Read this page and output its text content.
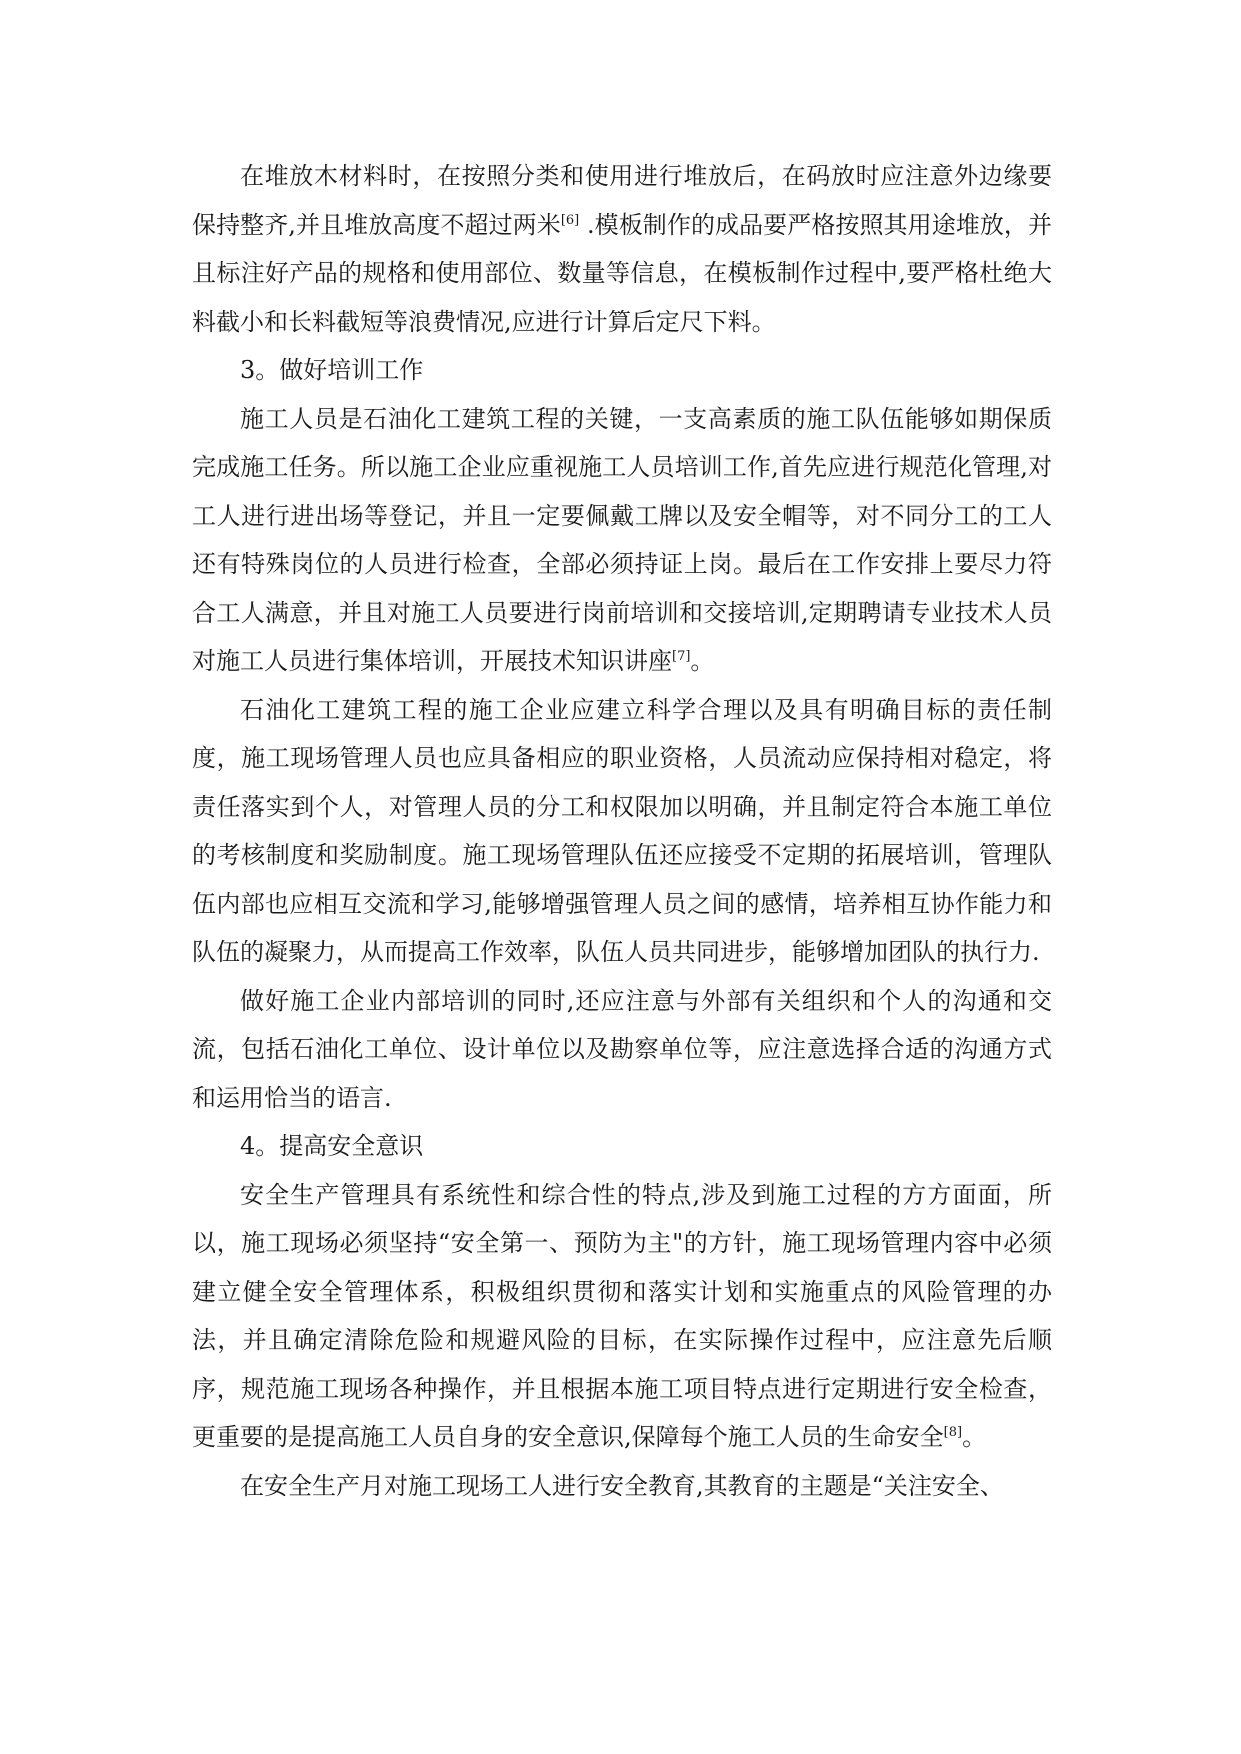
在堆放木材料时，在按照分类和使用进行堆放后，在码放时应注意外边缘要保持整齐,并且堆放高度不超过两米[6] .模板制作的成品要严格按照其用途堆放，并且标注好产品的规格和使用部位、数量等信息，在模板制作过程中,要严格杜绝大料截小和长料截短等浪费情况,应进行计算后定尺下料。

3。做好培训工作

施工人员是石油化工建筑工程的关键，一支高素质的施工队伍能够如期保质完成施工任务。所以施工企业应重视施工人员培训工作,首先应进行规范化管理,对工人进行进出场等登记，并且一定要佩戴工牌以及安全帽等，对不同分工的工人还有特殊岗位的人员进行检查，全部必须持证上岗。最后在工作安排上要尽力符合工人满意，并且对施工人员要进行岗前培训和交接培训,定期聘请专业技术人员对施工人员进行集体培训，开展技术知识讲座[7]。

石油化工建筑工程的施工企业应建立科学合理以及具有明确目标的责任制度，施工现场管理人员也应具备相应的职业资格，人员流动应保持相对稳定，将责任落实到个人，对管理人员的分工和权限加以明确，并且制定符合本施工单位的考核制度和奖励制度。施工现场管理队伍还应接受不定期的拓展培训，管理队伍内部也应相互交流和学习,能够增强管理人员之间的感情，培养相互协作能力和队伍的凝聚力，从而提高工作效率，队伍人员共同进步，能够增加团队的执行力.

做好施工企业内部培训的同时,还应注意与外部有关组织和个人的沟通和交流，包括石油化工单位、设计单位以及勘察单位等，应注意选择合适的沟通方式和运用恰当的语言.

4。提高安全意识

安全生产管理具有系统性和综合性的特点,涉及到施工过程的方方面面，所以，施工现场必须坚持“安全第一、预防为主"的方针，施工现场管理内容中必须建立健全安全管理体系，积极组织贯彻和落实计划和实施重点的风险管理的办法，并且确定清除危险和规避风险的目标，在实际操作过程中，应注意先后顺序，规范施工现场各种操作，并且根据本施工项目特点进行定期进行安全检查，更重要的是提高施工人员自身的安全意识,保障每个施工人员的生命安全[8]。

在安全生产月对施工现场工人进行安全教育,其教育的主题是“关注安全、
